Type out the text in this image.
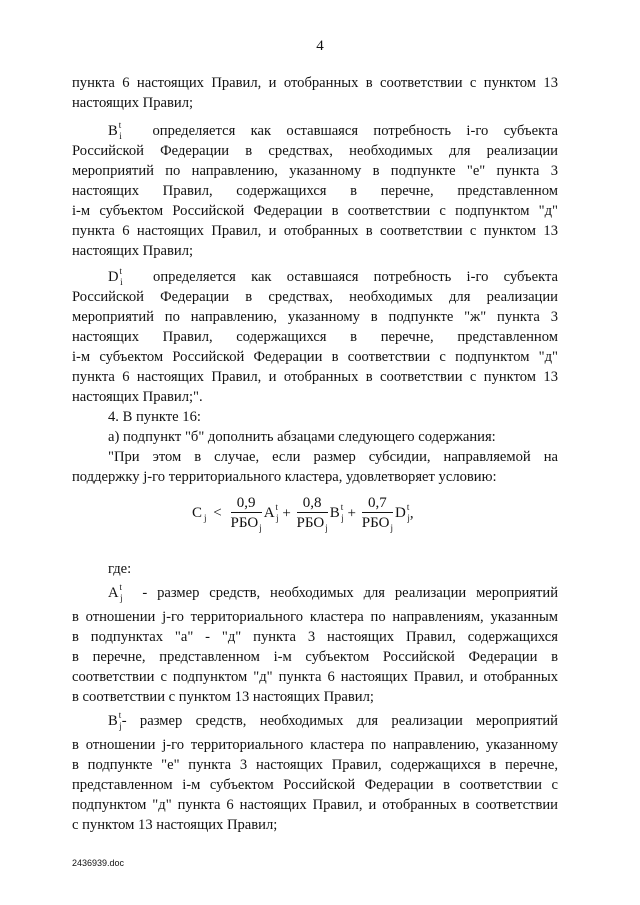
4

пункта 6 настоящих Правил, и отобранных в соответствии с пунктом 13

настоящих Правил;

$B^t_i$ определяется как оставшаяся потребность i-го субъекта

Российской Федерации в средствах, необходимых для реализации

мероприятий по направлению, указанному в подпункте "е" пункта 3

настоящих Правил, содержащихся в перечне, представленном

i-м субъектом Российской Федерации в соответствии с подпунктом "д"

пункта 6 настоящих Правил, и отобранных в соответствии с пунктом 13

настоящих Правил;

$D^t_i$ определяется как оставшаяся потребность i-го субъекта

Российской Федерации в средствах, необходимых для реализации

мероприятий по направлению, указанному в подпункте "ж" пункта 3

настоящих Правил, содержащихся в перечне, представленном

i-м субъектом Российской Федерации в соответствии с подпунктом "д"

пункта 6 настоящих Правил, и отобранных в соответствии с пунктом 13

настоящих Правил;".

4. В пункте 16:

а) подпункт "б" дополнить абзацами следующего содержания:

"При этом в случае, если размер субсидии, направляемой на

поддержку j-го территориального кластера, удовлетворяет условию:

C $_j < \frac{0,9}{РБО_j} A^t_j + \frac{0,8}{РБО_j} B^t_j + \frac{0,7}{РБО_j} D^t_j$,

где:

$A^t_j$ - размер средств, необходимых для реализации мероприятий

в отношении j-го территориального кластера по направлениям, указанным

в подпунктах "а" - "д" пункта 3 настоящих Правил, содержащихся

в перечне, представленном i-м субъектом Российской Федерации в

соответствии с подпунктом "д" пункта 6 настоящих Правил, и отобранных

в соответствии с пунктом 13 настоящих Правил;

$B^t_j-$ размер средств, необходимых для реализации мероприятий

в отношении j-го территориального кластера по направлению, указанному

в подпункте "е" пункта 3 настоящих Правил, содержащихся в перечне,

представленном i-м субъектом Российской Федерации в соответствии с

подпунктом "д" пункта 6 настоящих Правил, и отобранных в соответствии

с пунктом 13 настоящих Правил;

2436939.doc
